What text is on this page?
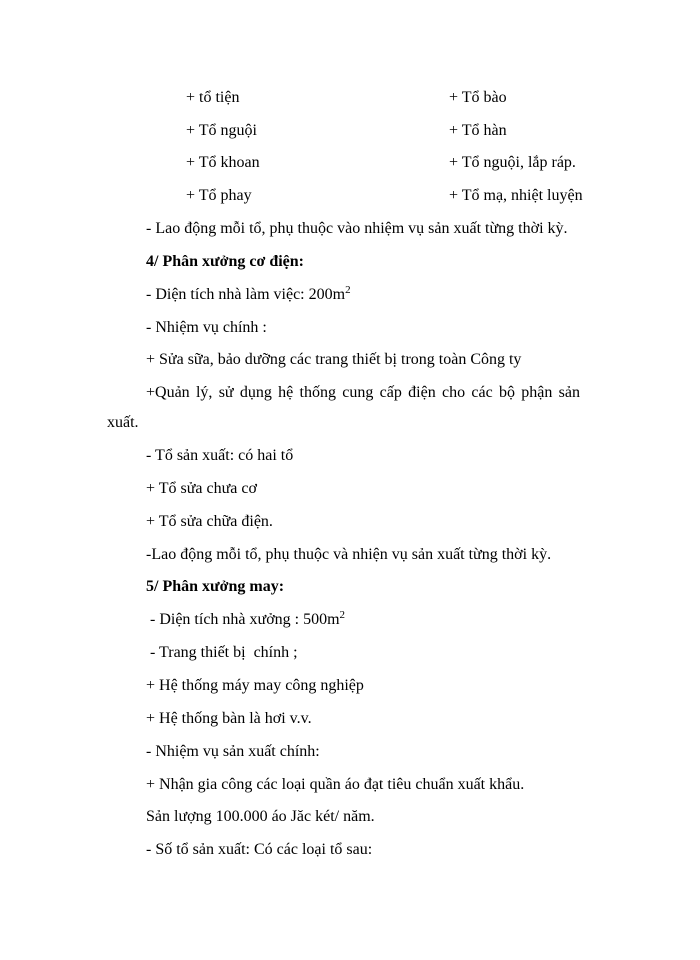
+ tổ tiện	+ Tổ bào
+ Tổ nguội	+ Tổ hàn
+ Tổ khoan	+ Tổ nguội, lắp ráp.
+ Tổ phay	+ Tổ mạ, nhiệt luyện
- Lao động mỗi tổ, phụ thuộc vào nhiệm vụ sản xuất từng thời kỳ.
4/ Phân xưởng cơ điện:
- Diện tích nhà làm việc: $200m^2$
- Nhiệm vụ chính :
+ Sửa sữa, bảo dưỡng các trang thiết bị trong toàn Công ty
+Quản lý, sử dụng hệ thống cung cấp điện cho các bộ phận sản
xuất.
- Tổ sản xuất: có hai tổ
+ Tổ sửa chưa cơ
+ Tổ sửa chữa điện.
-Lao động mỗi tổ, phụ thuộc và nhiện vụ sản xuất từng thời kỳ.
5/ Phân xưởng may:
- Diện tích nhà xưởng : $500m^2$
- Trang thiết bị  chính ;
+ Hệ thống máy may công nghiệp
+ Hệ thống bàn là hơi v.v.
- Nhiệm vụ sản xuất chính:
+ Nhận gia công các loại quần áo đạt tiêu chuẩn xuất khẩu.
Sản lượng 100.000 áo Jăc két/ năm.
- Số tổ sản xuất: Có các loại tổ sau:
